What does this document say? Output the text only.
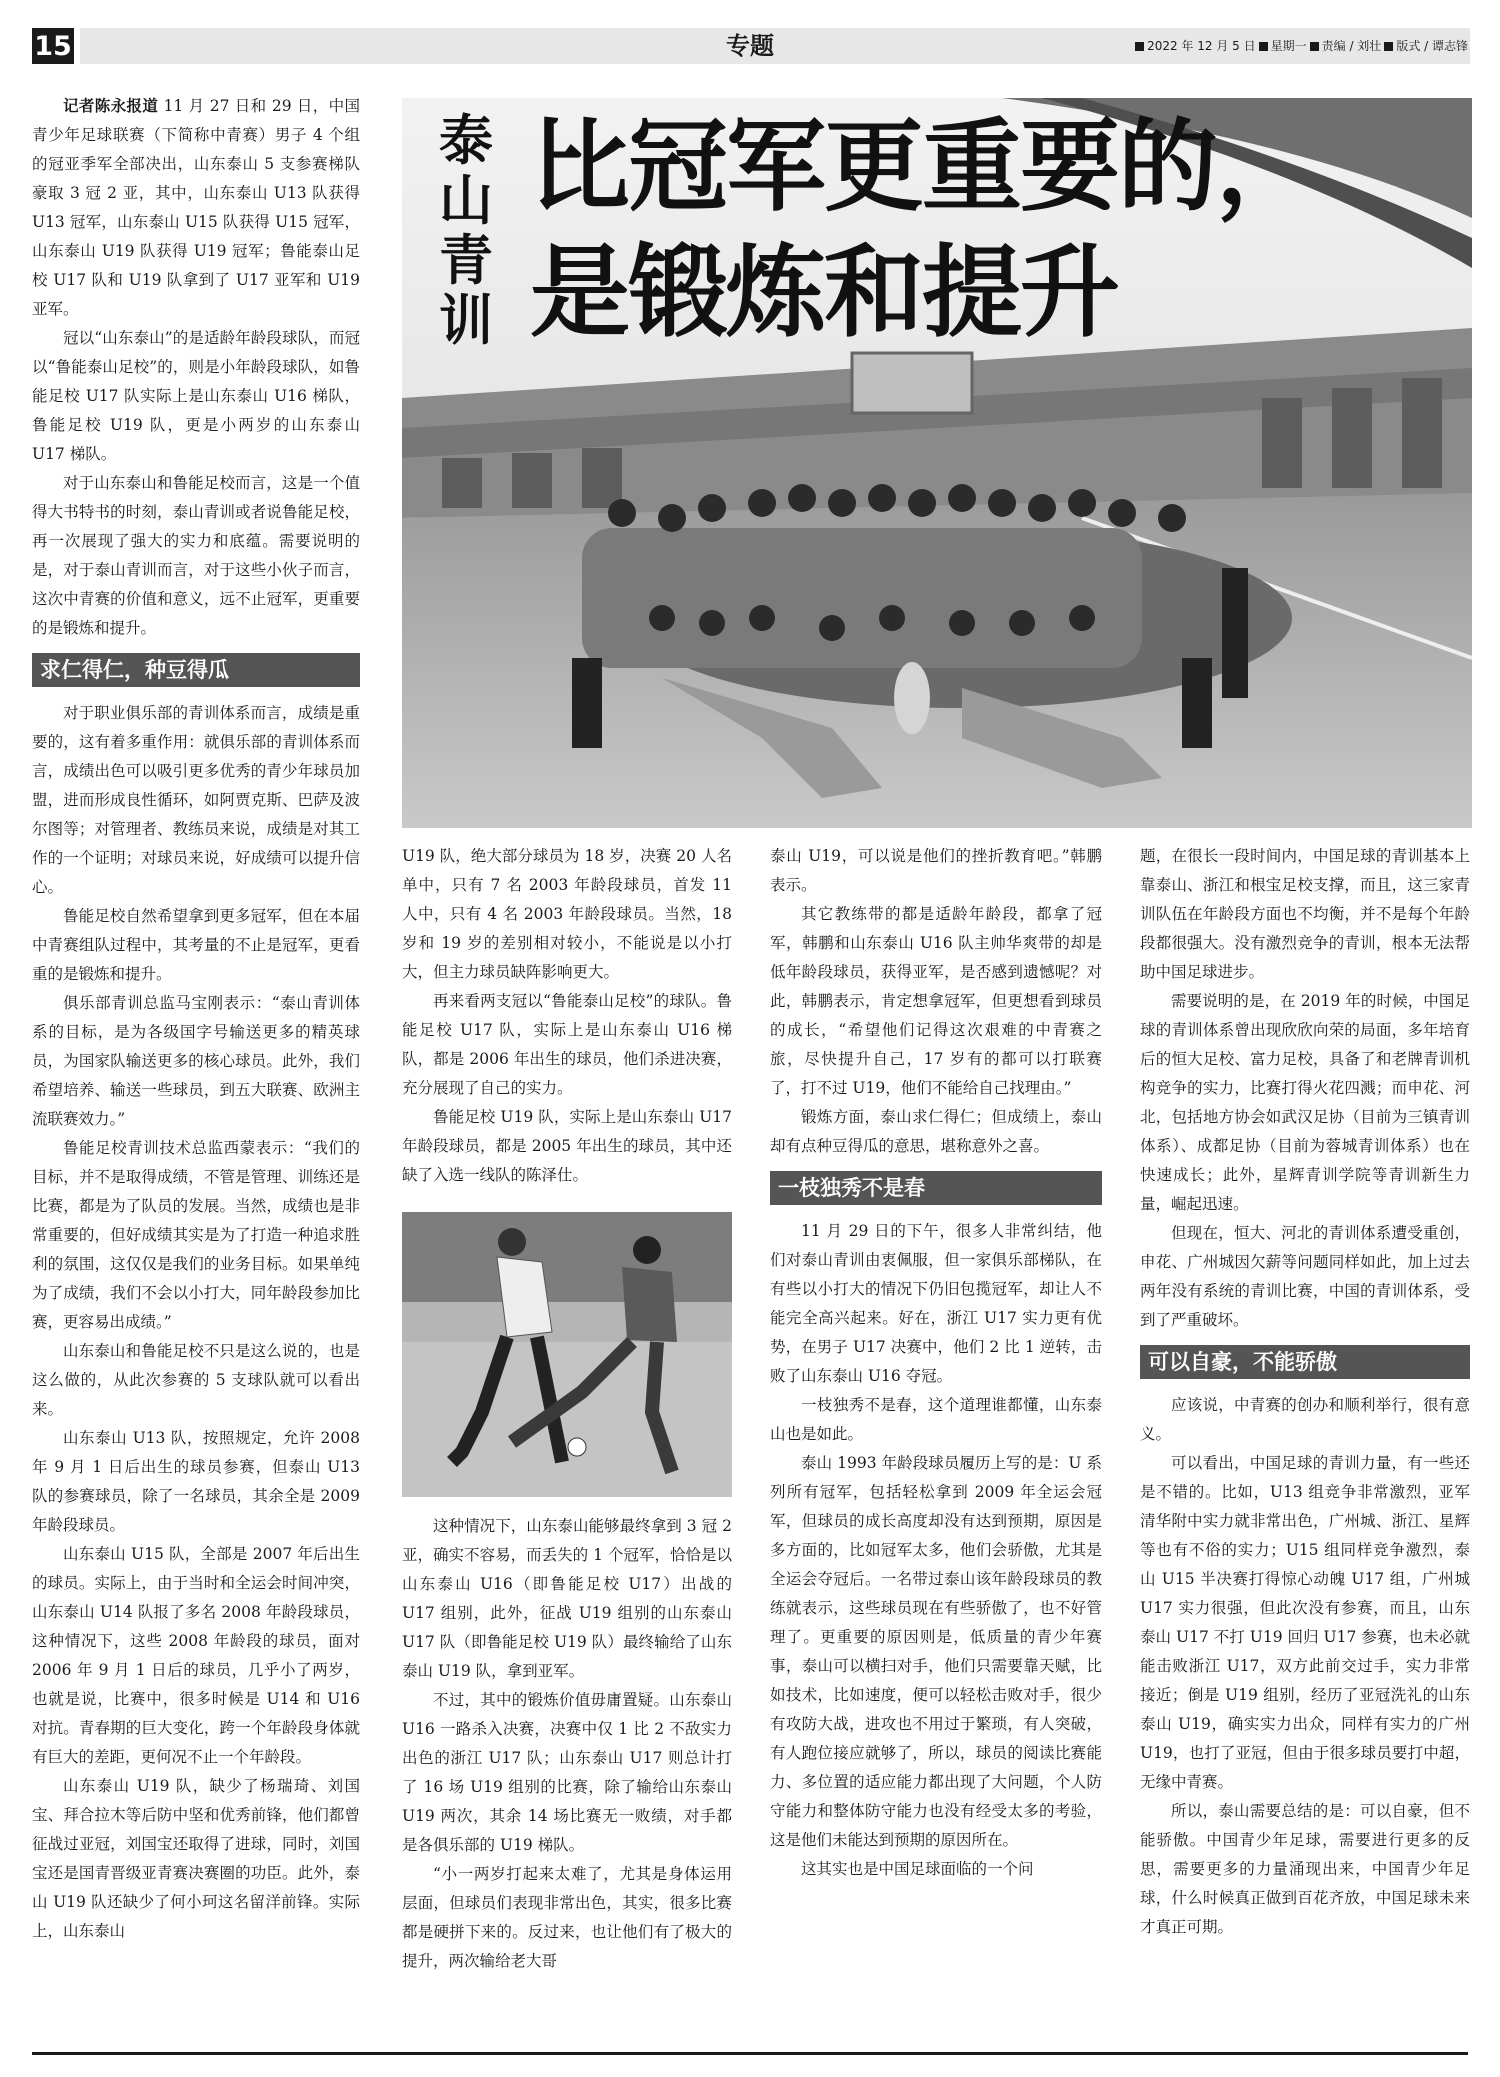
15	专题	2022 年 12 月 5 日 星期一 责编 / 刘壮 版式 / 谭志锋
泰
山
青
训
比冠军更重要的，
是锻炼和提升

记者陈永报道 11 月 27 日和 29 日，中国青少年足球联赛（下简称中青赛）男子 4 个组的冠亚季军全部决出，山东泰山 5 支参赛梯队豪取 3 冠 2 亚，其中，山东泰山 U13 队获得 U13 冠军，山东泰山 U15 队获得 U15 冠军，山东泰山 U19 队获得 U19 冠军；鲁能泰山足校 U17 队和 U19 队拿到了 U17 亚军和 U19 亚军。

冠以“山东泰山”的是适龄年龄段球队，而冠以“鲁能泰山足校”的，则是小年龄段球队，如鲁能足校 U17 队实际上是山东泰山 U16 梯队，鲁能足校 U19 队，更是小两岁的山东泰山 U17 梯队。

对于山东泰山和鲁能足校而言，这是一个值得大书特书的时刻，泰山青训或者说鲁能足校，再一次展现了强大的实力和底蕴。需要说明的是，对于泰山青训而言，对于这些小伙子而言，这次中青赛的价值和意义，远不止冠军，更重要的是锻炼和提升。

求仁得仁，种豆得瓜

对于职业俱乐部的青训体系而言，成绩是重要的，这有着多重作用：就俱乐部的青训体系而言，成绩出色可以吸引更多优秀的青少年球员加盟，进而形成良性循环，如阿贾克斯、巴萨及波尔图等；对管理者、教练员来说，成绩是对其工作的一个证明；对球员来说，好成绩可以提升信心。

鲁能足校自然希望拿到更多冠军，但在本届中青赛组队过程中，其考量的不止是冠军，更看重的是锻炼和提升。

俱乐部青训总监马宝刚表示：“泰山青训体系的目标，是为各级国字号输送更多的精英球员，为国家队输送更多的核心球员。此外，我们希望培养、输送一些球员，到五大联赛、欧洲主流联赛效力。”

鲁能足校青训技术总监西蒙表示：“我们的目标，并不是取得成绩，不管是管理、训练还是比赛，都是为了队员的发展。当然，成绩也是非常重要的，但好成绩其实是为了打造一种追求胜利的氛围，这仅仅是我们的业务目标。如果单纯为了成绩，我们不会以小打大，同年龄段参加比赛，更容易出成绩。”

山东泰山和鲁能足校不只是这么说的，也是这么做的，从此次参赛的 5 支球队就可以看出来。

山东泰山 U13 队，按照规定，允许 2008 年 9 月 1 日后出生的球员参赛，但泰山 U13 队的参赛球员，除了一名球员，其余全是 2009 年龄段球员。

山东泰山 U15 队，全部是 2007 年后出生的球员。实际上，由于当时和全运会时间冲突，山东泰山 U14 队报了多名 2008 年龄段球员，这种情况下，这些 2008 年龄段的球员，面对 2006 年 9 月 1 日后的球员，几乎小了两岁，也就是说，比赛中，很多时候是 U14 和 U16 对抗。青春期的巨大变化，跨一个年龄段身体就有巨大的差距，更何况不止一个年龄段。

山东泰山 U19 队，缺少了杨瑞琦、刘国宝、拜合拉木等后防中坚和优秀前锋，他们都曾征战过亚冠，刘国宝还取得了进球，同时，刘国宝还是国青晋级亚青赛决赛圈的功臣。此外，泰山 U19 队还缺少了何小珂这名留洋前锋。实际上，山东泰山

U19 队，绝大部分球员为 18 岁，决赛 20 人名单中，只有 7 名 2003 年龄段球员，首发 11 人中，只有 4 名 2003 年龄段球员。当然，18 岁和 19 岁的差别相对较小，不能说是以小打大，但主力球员缺阵影响更大。

再来看两支冠以“鲁能泰山足校”的球队。鲁能足校 U17 队，实际上是山东泰山 U16 梯队，都是 2006 年出生的球员，他们杀进决赛，充分展现了自己的实力。

鲁能足校 U19 队，实际上是山东泰山 U17 年龄段球员，都是 2005 年出生的球员，其中还缺了入选一线队的陈泽仕。

这种情况下，山东泰山能够最终拿到 3 冠 2 亚，确实不容易，而丢失的 1 个冠军，恰恰是以山东泰山 U16（即鲁能足校 U17）出战的 U17 组别，此外，征战 U19 组别的山东泰山 U17 队（即鲁能足校 U19 队）最终输给了山东泰山 U19 队，拿到亚军。

不过，其中的锻炼价值毋庸置疑。山东泰山 U16 一路杀入决赛，决赛中仅 1 比 2 不敌实力出色的浙江 U17 队；山东泰山 U17 则总计打了 16 场 U19 组别的比赛，除了输给山东泰山 U19 两次，其余 14 场比赛无一败绩，对手都是各俱乐部的 U19 梯队。

“小一两岁打起来太难了，尤其是身体运用层面，但球员们表现非常出色，其实，很多比赛都是硬拼下来的。反过来，也让他们有了极大的提升，两次输给老大哥

泰山 U19，可以说是他们的挫折教育吧。”韩鹏表示。

其它教练带的都是适龄年龄段，都拿了冠军，韩鹏和山东泰山 U16 队主帅华爽带的却是低年龄段球员，获得亚军，是否感到遗憾呢？对此，韩鹏表示，肯定想拿冠军，但更想看到球员的成长，“希望他们记得这次艰难的中青赛之旅，尽快提升自己，17 岁有的都可以打联赛了，打不过 U19，他们不能给自己找理由。”

锻炼方面，泰山求仁得仁；但成绩上，泰山却有点种豆得瓜的意思，堪称意外之喜。

一枝独秀不是春

11 月 29 日的下午，很多人非常纠结，他们对泰山青训由衷佩服，但一家俱乐部梯队，在有些以小打大的情况下仍旧包揽冠军，却让人不能完全高兴起来。好在，浙江 U17 实力更有优势，在男子 U17 决赛中，他们 2 比 1 逆转，击败了山东泰山 U16 夺冠。

一枝独秀不是春，这个道理谁都懂，山东泰山也是如此。

泰山 1993 年龄段球员履历上写的是：U 系列所有冠军，包括轻松拿到 2009 年全运会冠军，但球员的成长高度却没有达到预期，原因是多方面的，比如冠军太多，他们会骄傲，尤其是全运会夺冠后。一名带过泰山该年龄段球员的教练就表示，这些球员现在有些骄傲了，也不好管理了。更重要的原因则是，低质量的青少年赛事，泰山可以横扫对手，他们只需要靠天赋，比如技术，比如速度，便可以轻松击败对手，很少有攻防大战，进攻也不用过于繁琐，有人突破，有人跑位接应就够了，所以，球员的阅读比赛能力、多位置的适应能力都出现了大问题，个人防守能力和整体防守能力也没有经受太多的考验，这是他们未能达到预期的原因所在。

这其实也是中国足球面临的一个问

题，在很长一段时间内，中国足球的青训基本上靠泰山、浙江和根宝足校支撑，而且，这三家青训队伍在年龄段方面也不均衡，并不是每个年龄段都很强大。没有激烈竞争的青训，根本无法帮助中国足球进步。

需要说明的是，在 2019 年的时候，中国足球的青训体系曾出现欣欣向荣的局面，多年培育后的恒大足校、富力足校，具备了和老牌青训机构竞争的实力，比赛打得火花四溅；而申花、河北，包括地方协会如武汉足协（目前为三镇青训体系）、成都足协（目前为蓉城青训体系）也在快速成长；此外，星辉青训学院等青训新生力量，崛起迅速。

但现在，恒大、河北的青训体系遭受重创，申花、广州城因欠薪等问题同样如此，加上过去两年没有系统的青训比赛，中国的青训体系，受到了严重破坏。

可以自豪，不能骄傲

应该说，中青赛的创办和顺利举行，很有意义。

可以看出，中国足球的青训力量，有一些还是不错的。比如，U13 组竞争非常激烈，亚军清华附中实力就非常出色，广州城、浙江、星辉等也有不俗的实力；U15 组同样竞争激烈，泰山 U15 半决赛打得惊心动魄 U17 组，广州城 U17 实力很强，但此次没有参赛，而且，山东泰山 U17 不打 U19 回归 U17 参赛，也未必就能击败浙江 U17，双方此前交过手，实力非常接近；倒是 U19 组别，经历了亚冠洗礼的山东泰山 U19，确实实力出众，同样有实力的广州 U19，也打了亚冠，但由于很多球员要打中超，无缘中青赛。

所以，泰山需要总结的是：可以自豪，但不能骄傲。中国青少年足球，需要进行更多的反思，需要更多的力量涌现出来，中国青少年足球，什么时候真正做到百花齐放，中国足球未来才真正可期。
